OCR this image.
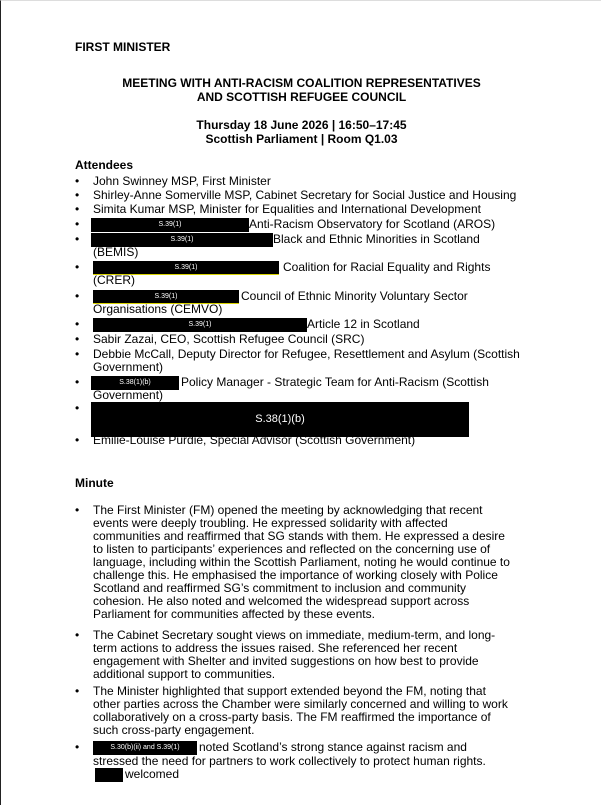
FIRST MINISTER
MEETING WITH ANTI-RACISM COALITION REPRESENTATIVES
AND SCOTTISH REFUGEE COUNCIL
Thursday 18 June 2026 | 16:50–17:45
Scottish Parliament | Room Q1.03
Attendees
• John Swinney MSP, First Minister
• Shirley-Anne Somerville MSP, Cabinet Secretary for Social Justice and Housing
• Simita Kumar MSP, Minister for Equalities and International Development
•	S.39(1)	Anti-Racism Observatory for Scotland (AROS)
•	S.39(1)	Black and Ethnic Minorities in Scotland
(BEMIS)
•	S.39(1)	Coalition for Racial Equality and Rights
(CRER)
•	S.39(1)	Council of Ethnic Minority Voluntary Sector
Organisations (CEMVO)
•	S.39(1)	Article 12 in Scotland
• Sabir Zazai, CEO, Scottish Refugee Council (SRC)
• Debbie McCall, Deputy Director for Refugee, Resettlement and Asylum (Scottish
Government)
•	S.38(1)(b)	Policy Manager - Strategic Team for Anti-Racism (Scottish
Government)
•
S.38(1)(b)
• Emilie-Louise Purdie, Special Advisor (Scottish Government)
Minute
• The First Minister (FM) opened the meeting by acknowledging that recent events were deeply troubling. He expressed solidarity with affected communities and reaffirmed that SG stands with them. He expressed a desire to listen to participants’ experiences and reflected on the concerning use of language, including within the Scottish Parliament, noting he would continue to challenge this. He emphasised the importance of working closely with Police Scotland and reaffirmed SG’s commitment to inclusion and community cohesion. He also noted and welcomed the widespread support across Parliament for communities affected by these events.
• The Cabinet Secretary sought views on immediate, medium-term, and long-term actions to address the issues raised. She referenced her recent engagement with Shelter and invited suggestions on how best to provide additional support to communities.
• The Minister highlighted that support extended beyond the FM, noting that other parties across the Chamber were similarly concerned and willing to work collaboratively on a cross-party basis. The FM reaffirmed the importance of such cross-party engagement.
•	S.30(b)(ii) and S.39(1) noted Scotland’s strong stance against racism and stressed the need for partners to work collectively to protect human rights. welcomed
